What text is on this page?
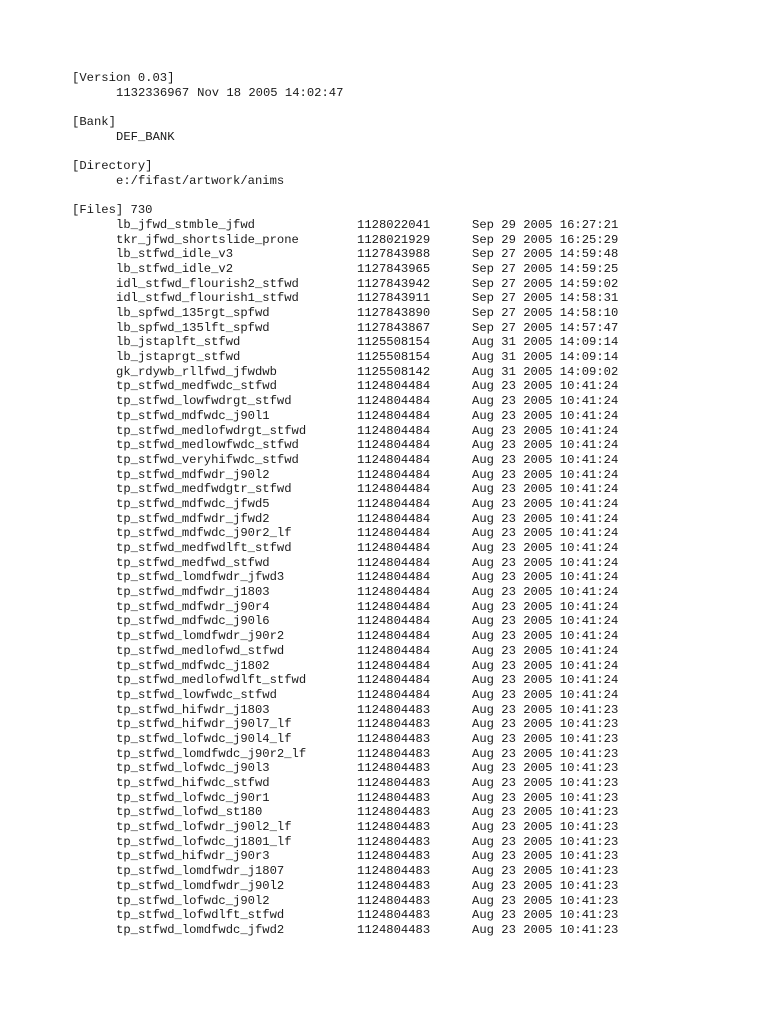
[Version 0.03]
1132336967 Nov 18 2005 14:02:47
[Bank]
DEF_BANK
[Directory]
e:/fifast/artwork/anims
[Files] 730
lb_jfwd_stmble_jfwd	1128022041	Sep 29 2005 16:27:21
tkr_jfwd_shortslide_prone	1128021929	Sep 29 2005 16:25:29
lb_stfwd_idle_v3	1127843988	Sep 27 2005 14:59:48
lb_stfwd_idle_v2	1127843965	Sep 27 2005 14:59:25
idl_stfwd_flourish2_stfwd	1127843942	Sep 27 2005 14:59:02
idl_stfwd_flourish1_stfwd	1127843911	Sep 27 2005 14:58:31
lb_spfwd_135rgt_spfwd	1127843890	Sep 27 2005 14:58:10
lb_spfwd_135lft_spfwd	1127843867	Sep 27 2005 14:57:47
lb_jstaplft_stfwd	1125508154	Aug 31 2005 14:09:14
lb_jstaprgt_stfwd	1125508154	Aug 31 2005 14:09:14
gk_rdywb_rllfwd_jfwdwb	1125508142	Aug 31 2005 14:09:02
tp_stfwd_medfwdc_stfwd	1124804484	Aug 23 2005 10:41:24
tp_stfwd_lowfwdrgt_stfwd	1124804484	Aug 23 2005 10:41:24
tp_stfwd_mdfwdc_j90l1	1124804484	Aug 23 2005 10:41:24
tp_stfwd_medlofwdrgt_stfwd	1124804484	Aug 23 2005 10:41:24
tp_stfwd_medlowfwdc_stfwd	1124804484	Aug 23 2005 10:41:24
tp_stfwd_veryhifwdc_stfwd	1124804484	Aug 23 2005 10:41:24
tp_stfwd_mdfwdr_j90l2	1124804484	Aug 23 2005 10:41:24
tp_stfwd_medfwdgtr_stfwd	1124804484	Aug 23 2005 10:41:24
tp_stfwd_mdfwdc_jfwd5	1124804484	Aug 23 2005 10:41:24
tp_stfwd_mdfwdr_jfwd2	1124804484	Aug 23 2005 10:41:24
tp_stfwd_mdfwdc_j90r2_lf	1124804484	Aug 23 2005 10:41:24
tp_stfwd_medfwdlft_stfwd	1124804484	Aug 23 2005 10:41:24
tp_stfwd_medfwd_stfwd	1124804484	Aug 23 2005 10:41:24
tp_stfwd_lomdfwdr_jfwd3	1124804484	Aug 23 2005 10:41:24
tp_stfwd_mdfwdr_j1803	1124804484	Aug 23 2005 10:41:24
tp_stfwd_mdfwdr_j90r4	1124804484	Aug 23 2005 10:41:24
tp_stfwd_mdfwdc_j90l6	1124804484	Aug 23 2005 10:41:24
tp_stfwd_lomdfwdr_j90r2	1124804484	Aug 23 2005 10:41:24
tp_stfwd_medlofwd_stfwd	1124804484	Aug 23 2005 10:41:24
tp_stfwd_mdfwdc_j1802	1124804484	Aug 23 2005 10:41:24
tp_stfwd_medlofwdlft_stfwd	1124804484	Aug 23 2005 10:41:24
tp_stfwd_lowfwdc_stfwd	1124804484	Aug 23 2005 10:41:24
tp_stfwd_hifwdr_j1803	1124804483	Aug 23 2005 10:41:23
tp_stfwd_hifwdr_j90l7_lf	1124804483	Aug 23 2005 10:41:23
tp_stfwd_lofwdc_j90l4_lf	1124804483	Aug 23 2005 10:41:23
tp_stfwd_lomdfwdc_j90r2_lf	1124804483	Aug 23 2005 10:41:23
tp_stfwd_lofwdc_j90l3	1124804483	Aug 23 2005 10:41:23
tp_stfwd_hifwdc_stfwd	1124804483	Aug 23 2005 10:41:23
tp_stfwd_lofwdc_j90r1	1124804483	Aug 23 2005 10:41:23
tp_stfwd_lofwd_st180	1124804483	Aug 23 2005 10:41:23
tp_stfwd_lofwdr_j90l2_lf	1124804483	Aug 23 2005 10:41:23
tp_stfwd_lofwdc_j1801_lf	1124804483	Aug 23 2005 10:41:23
tp_stfwd_hifwdr_j90r3	1124804483	Aug 23 2005 10:41:23
tp_stfwd_lomdfwdr_j1807	1124804483	Aug 23 2005 10:41:23
tp_stfwd_lomdfwdr_j90l2	1124804483	Aug 23 2005 10:41:23
tp_stfwd_lofwdc_j90l2	1124804483	Aug 23 2005 10:41:23
tp_stfwd_lofwdlft_stfwd	1124804483	Aug 23 2005 10:41:23
tp_stfwd_lomdfwdc_jfwd2	1124804483	Aug 23 2005 10:41:23
